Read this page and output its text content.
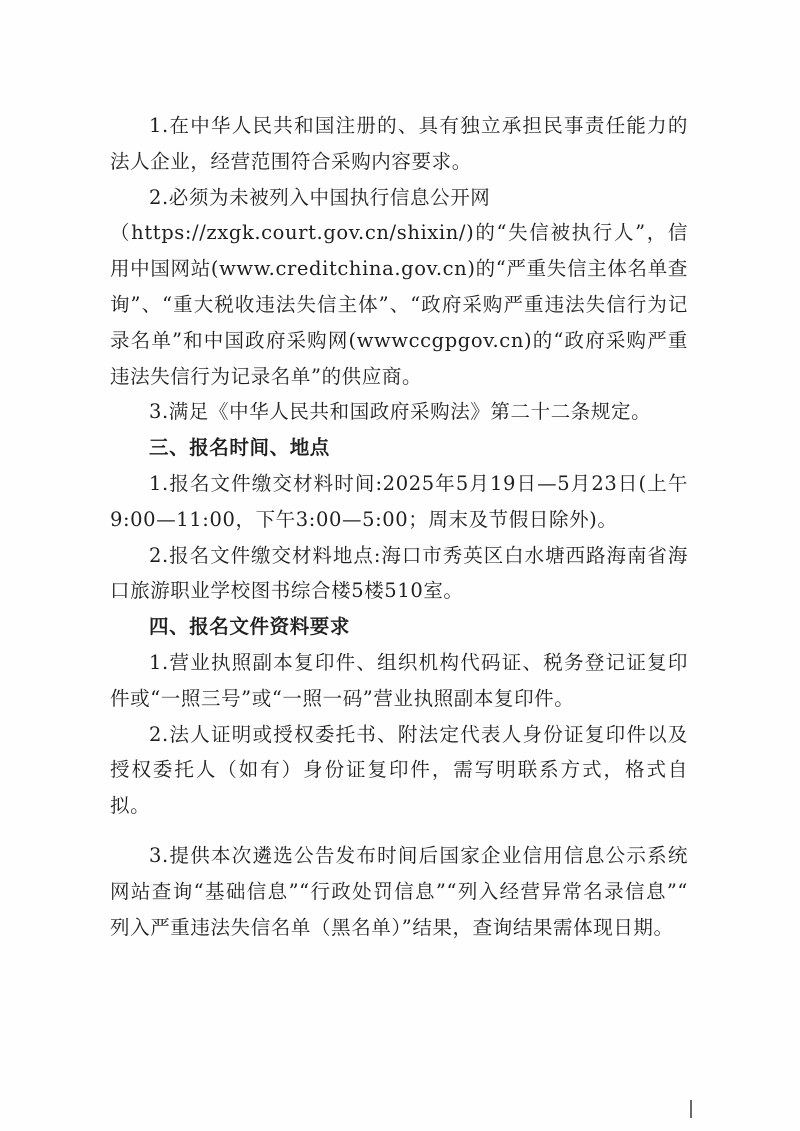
1.在中华人民共和国注册的、具有独立承担民事责任能力的法人企业，经营范围符合采购内容要求。

2.必须为未被列入中国执行信息公开网

（https://zxgk.court.gov.cn/shixin/)的“失信被执行人”，信用中国网站(www.creditchina.gov.cn)的“严重失信主体名单查询”、“重大税收违法失信主体”、“政府采购严重违法失信行为记录名单”和中国政府采购网(wwwccgpgov.cn)的“政府采购严重违法失信行为记录名单”的供应商。

3.满足《中华人民共和国政府采购法》第二十二条规定。

三、报名时间、地点

1.报名文件缴交材料时间:2025年5月19日—5月23日(上午9:00—11:00，下午3:00—5:00；周末及节假日除外)。

2.报名文件缴交材料地点:海口市秀英区白水塘西路海南省海口旅游职业学校图书综合楼5楼510室。

四、报名文件资料要求

1.营业执照副本复印件、组织机构代码证、税务登记证复印件或“一照三号”或“一照一码”营业执照副本复印件。

2.法人证明或授权委托书、附法定代表人身份证复印件以及授权委托人（如有）身份证复印件，需写明联系方式，格式自拟。

3.提供本次遴选公告发布时间后国家企业信用信息公示系统网站查询“基础信息”“行政处罚信息”“列入经营异常名录信息”“ 列入严重违法失信名单（黑名单）”结果，查询结果需体现日期。
